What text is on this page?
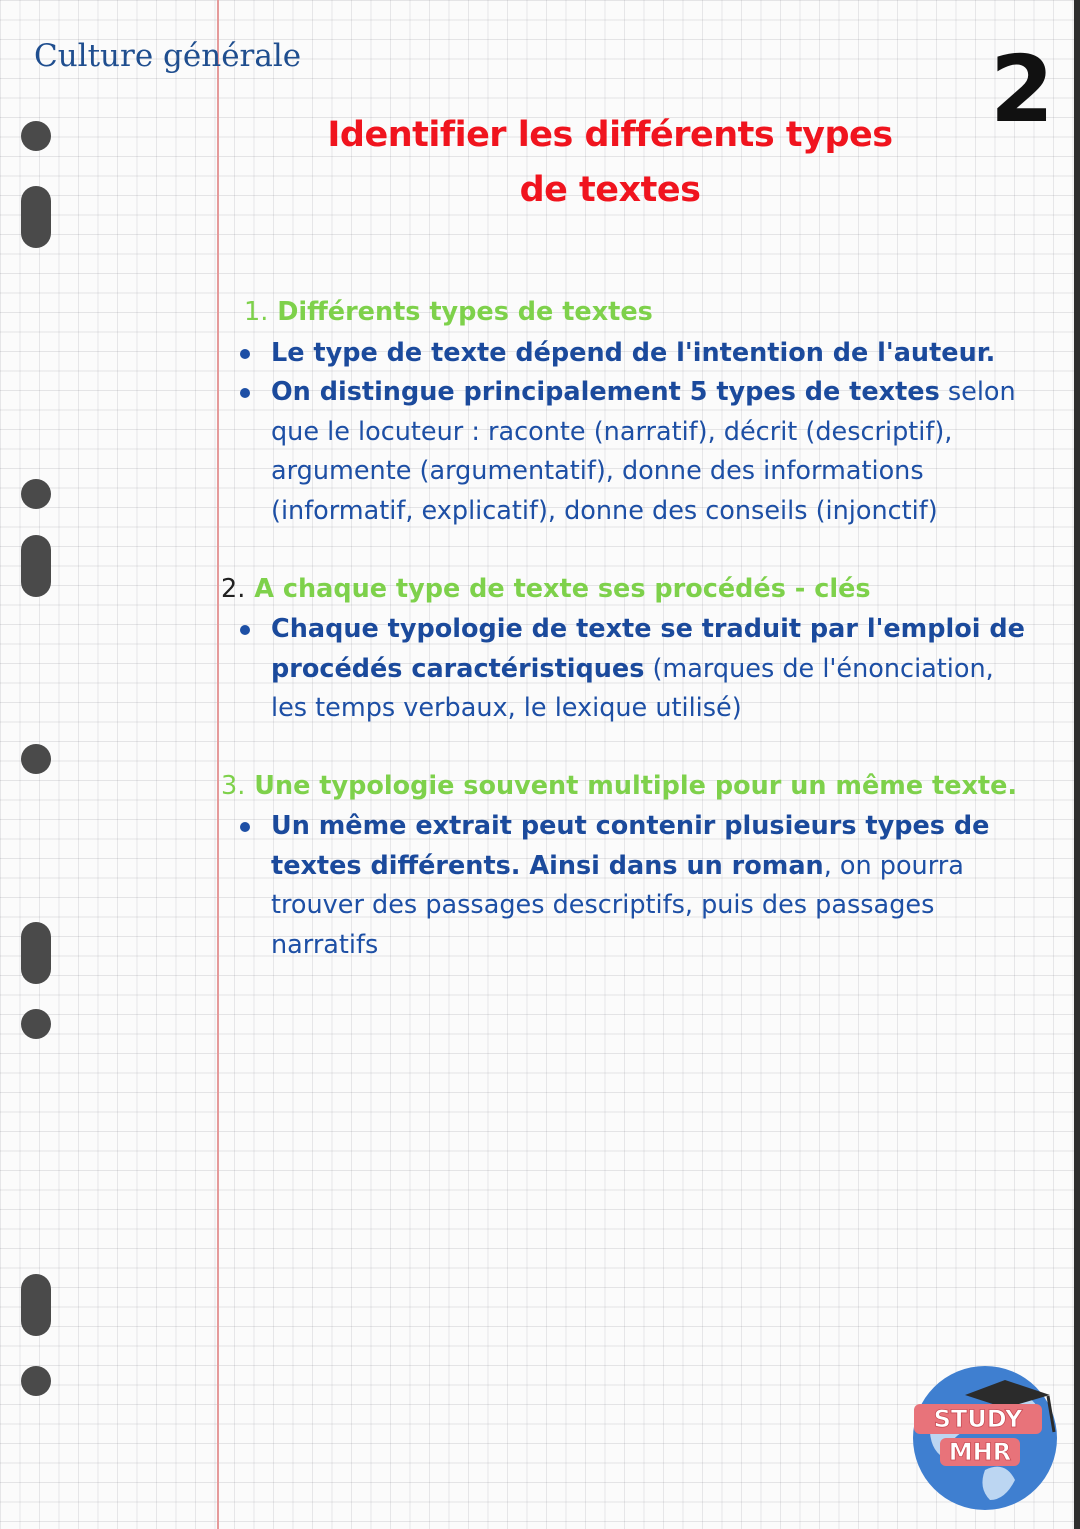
Culture générale	2
Identifier les différents types
de textes
1. Différents types de textes
Le type de texte dépend de l'intention de l'auteur.
On distingue principalement 5 types de textes selon que le locuteur : raconte (narratif), décrit (descriptif), argumente (argumentatif), donne des informations (informatif, explicatif), donne des conseils (injonctif)
2. A chaque type de texte ses procédés - clés
Chaque typologie de texte se traduit par l'emploi de procédés caractéristiques (marques de l'énonciation, les temps verbaux, le lexique utilisé)
3. Une typologie souvent multiple pour un même texte.
Un même extrait peut contenir plusieurs types de textes différents. Ainsi dans un roman, on pourra trouver des passages descriptifs, puis des passages narratifs
STUDY
MHR
